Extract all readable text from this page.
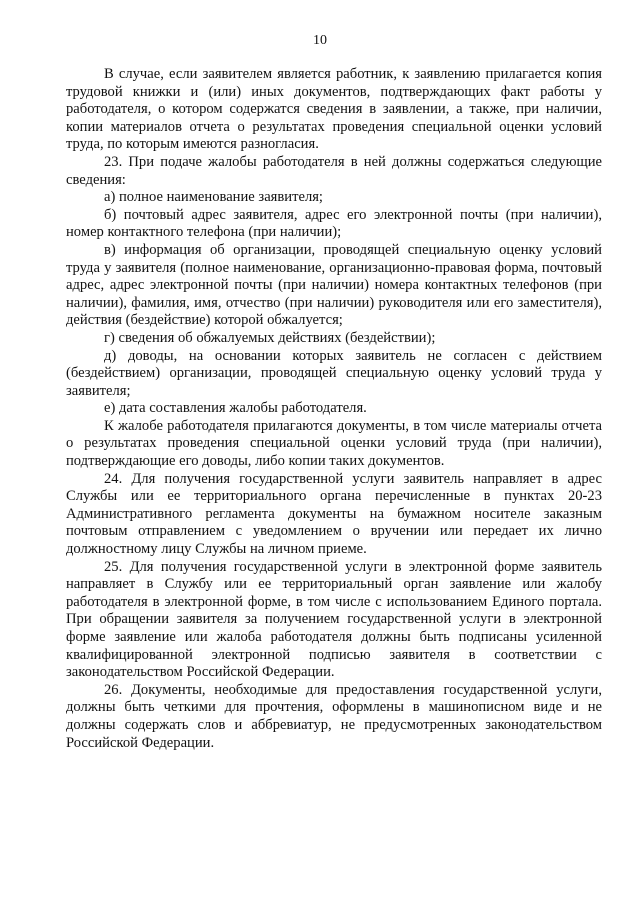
10

В случае, если заявителем является работник, к заявлению прилагается копия трудовой книжки и (или) иных документов, подтверждающих факт работы у работодателя, о котором содержатся сведения в заявлении, а также, при наличии, копии материалов отчета о результатах проведения специальной оценки условий труда, по которым имеются разногласия.

23. При подаче жалобы работодателя в ней должны содержаться следующие сведения:

а) полное наименование заявителя;

б) почтовый адрес заявителя, адрес его электронной почты (при наличии), номер контактного телефона (при наличии);

в) информация об организации, проводящей специальную оценку условий труда у заявителя (полное наименование, организационно-правовая форма, почтовый адрес, адрес электронной почты (при наличии) номера контактных телефонов (при наличии), фамилия, имя, отчество (при наличии) руководителя или его заместителя), действия (бездействие) которой обжалуется;

г) сведения об обжалуемых действиях (бездействии);

д) доводы, на основании которых заявитель не согласен с действием (бездействием) организации, проводящей специальную оценку условий труда у заявителя;

е) дата составления жалобы работодателя.

К жалобе работодателя прилагаются документы, в том числе материалы отчета о результатах проведения специальной оценки условий труда (при наличии), подтверждающие его доводы, либо копии таких документов.

24. Для получения государственной услуги заявитель направляет в адрес Службы или ее территориального органа перечисленные в пунктах 20-23 Административного регламента документы на бумажном носителе заказным почтовым отправлением с уведомлением о вручении или передает их лично должностному лицу Службы на личном приеме.

25. Для получения государственной услуги в электронной форме заявитель направляет в Службу или ее территориальный орган заявление или жалобу работодателя в электронной форме, в том числе с использованием Единого портала. При обращении заявителя за получением государственной услуги в электронной форме заявление или жалоба работодателя должны быть подписаны усиленной квалифицированной электронной подписью заявителя в соответствии с законодательством Российской Федерации.

26. Документы, необходимые для предоставления государственной услуги, должны быть четкими для прочтения, оформлены в машинописном виде и не должны содержать слов и аббревиатур, не предусмотренных законодательством Российской Федерации.
